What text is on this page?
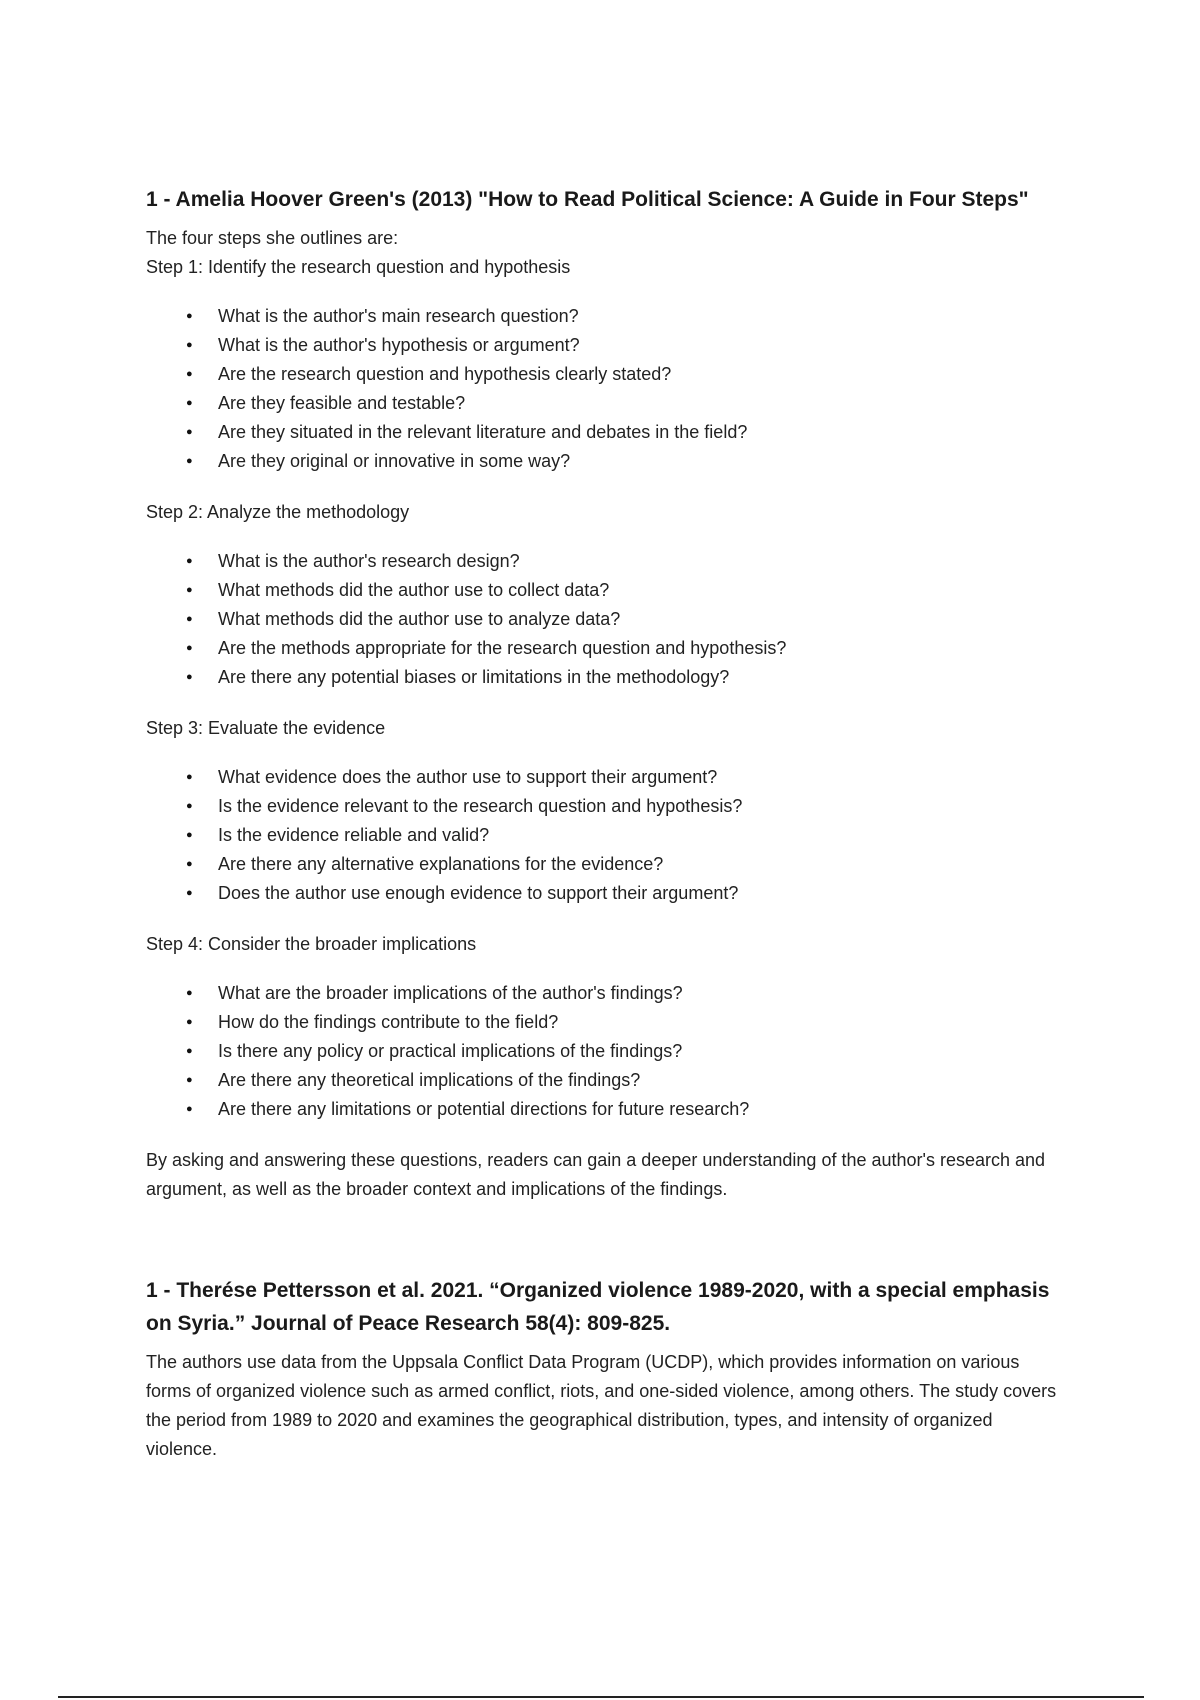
1 - Amelia Hoover Green's (2013) "How to Read Political Science: A Guide in Four Steps"

The four steps she outlines are:

Step 1: Identify the research question and hypothesis

● What is the author's main research question?
● What is the author's hypothesis or argument?
● Are the research question and hypothesis clearly stated?
● Are they feasible and testable?
● Are they situated in the relevant literature and debates in the field?
● Are they original or innovative in some way?

Step 2: Analyze the methodology

● What is the author's research design?
● What methods did the author use to collect data?
● What methods did the author use to analyze data?
● Are the methods appropriate for the research question and hypothesis?
● Are there any potential biases or limitations in the methodology?

Step 3: Evaluate the evidence

● What evidence does the author use to support their argument?
● Is the evidence relevant to the research question and hypothesis?
● Is the evidence reliable and valid?
● Are there any alternative explanations for the evidence?
● Does the author use enough evidence to support their argument?

Step 4: Consider the broader implications

● What are the broader implications of the author's findings?
● How do the findings contribute to the field?
● Is there any policy or practical implications of the findings?
● Are there any theoretical implications of the findings?
● Are there any limitations or potential directions for future research?

By asking and answering these questions, readers can gain a deeper understanding of the author's research and argument, as well as the broader context and implications of the findings.

1 - Therése Pettersson et al. 2021. “Organized violence 1989-2020, with a special emphasis on Syria.” Journal of Peace Research 58(4): 809-825.

The authors use data from the Uppsala Conflict Data Program (UCDP), which provides information on various forms of organized violence such as armed conflict, riots, and one-sided violence, among others. The study covers the period from 1989 to 2020 and examines the geographical distribution, types, and intensity of organized violence.
